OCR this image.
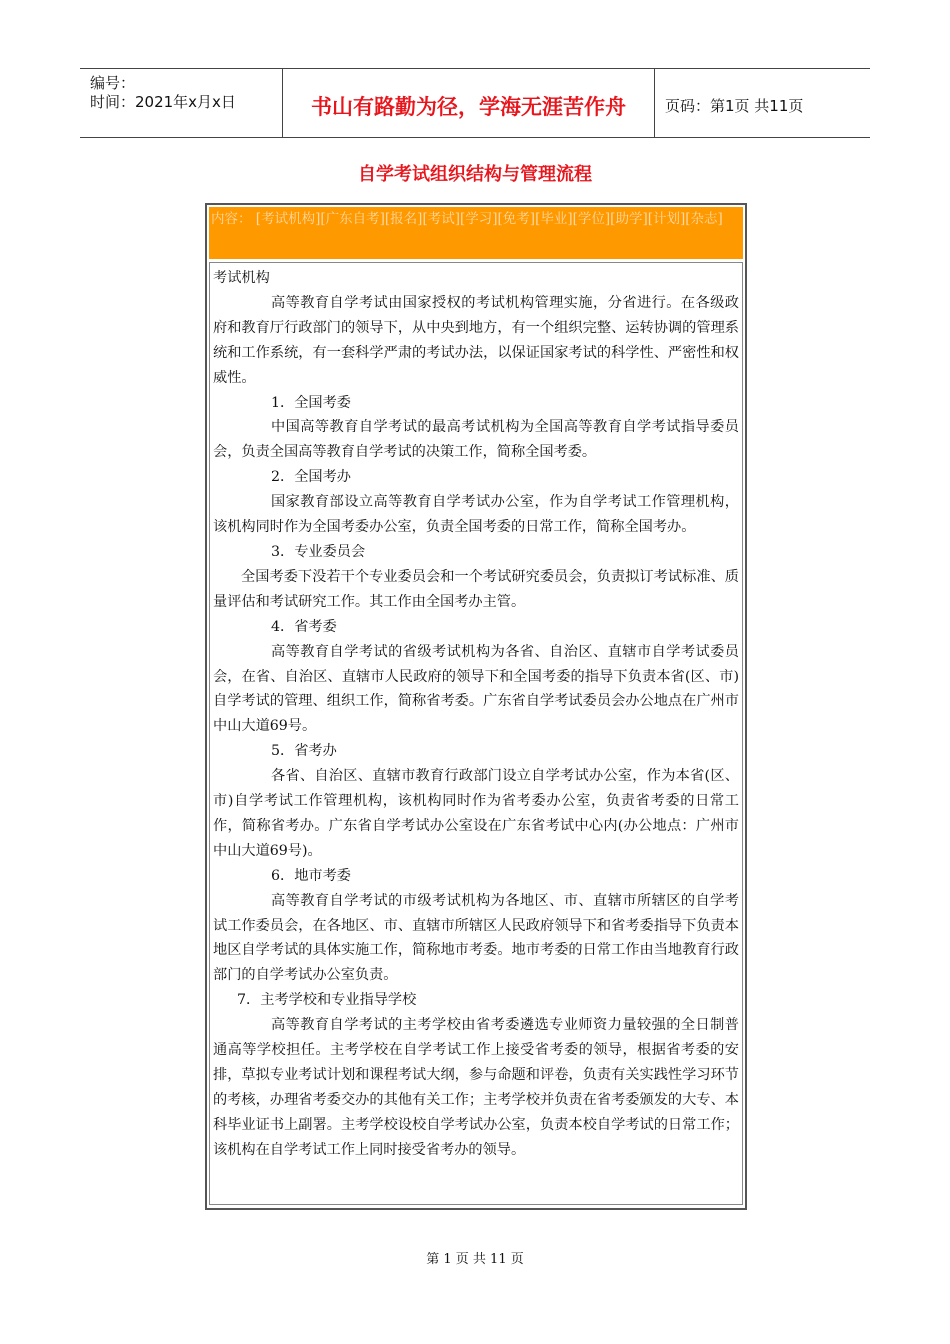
编号：
时间：2021年x月x日	书山有路勤为径，学海无涯苦作舟	页码：第1页 共11页
自学考试组织结构与管理流程
内容： [考试机构][广东自考][报名][考试][学习][免考][毕业][学位][助学][计划][杂志]

考试机构

高等教育自学考试由国家授权的考试机构管理实施，分省进行。在各级政府和教育厅行政部门的领导下，从中央到地方，有一个组织完整、运转协调的管理系统和工作系统，有一套科学严肃的考试办法，以保证国家考试的科学性、严密性和权威性。

1．全国考委

中国高等教育自学考试的最高考试机构为全国高等教育自学考试指导委员会，负责全国高等教育自学考试的决策工作，简称全国考委。

2．全国考办

国家教育部设立高等教育自学考试办公室，作为自学考试工作管理机构，该机构同时作为全国考委办公室，负责全国考委的日常工作，简称全国考办。

3．专业委员会

全国考委下没若干个专业委员会和一个考试研究委员会，负责拟订考试标准、质量评估和考试研究工作。其工作由全国考办主管。

4．省考委

高等教育自学考试的省级考试机构为各省、自治区、直辖市自学考试委员会，在省、自治区、直辖市人民政府的领导下和全国考委的指导下负责本省(区、市)自学考试的管理、组织工作，简称省考委。广东省自学考试委员会办公地点在广州市中山大道69号。

5．省考办

各省、自治区、直辖市教育行政部门设立自学考试办公室，作为本省(区、市)自学考试工作管理机构，该机构同时作为省考委办公室，负责省考委的日常工作，简称省考办。广东省自学考试办公室设在广东省考试中心内(办公地点：广州市中山大道69号)。

6．地市考委

高等教育自学考试的市级考试机构为各地区、市、直辖市所辖区的自学考试工作委员会，在各地区、市、直辖市所辖区人民政府领导下和省考委指导下负责本地区自学考试的具体实施工作，简称地市考委。地市考委的日常工作由当地教育行政部门的自学考试办公室负责。

7．主考学校和专业指导学校

高等教育自学考试的主考学校由省考委遴选专业师资力量较强的全日制普通高等学校担任。主考学校在自学考试工作上接受省考委的领导，根据省考委的安排，草拟专业考试计划和课程考试大纲，参与命题和评卷，负责有关实践性学习环节的考核，办理省考委交办的其他有关工作；主考学校并负责在省考委颁发的大专、本科毕业证书上副署。主考学校设校自学考试办公室，负责本校自学考试的日常工作；该机构在自学考试工作上同时接受省考办的领导。

第 1 页 共 11 页
